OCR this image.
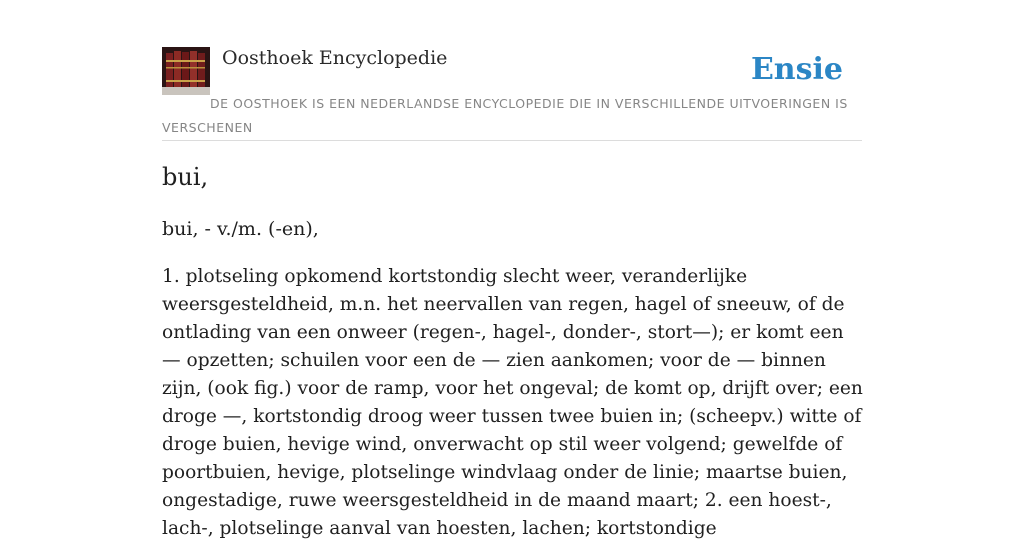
Oosthoek Encyclopedie	Ensie
DE OOSTHOEK IS EEN NEDERLANDSE ENCYCLOPEDIE DIE IN VERSCHILLENDE UITVOERINGEN IS VERSCHENEN
bui,

bui, - v./m. (-en),

1. plotseling opkomend kortstondig slecht weer, veranderlijke weersgesteldheid, m.n. het neervallen van regen, hagel of sneeuw, of de ontlading van een onweer (regen-, hagel-, donder-, stort—); er komt een — opzetten; schuilen voor een de — zien aankomen; voor de — binnen zijn, (ook fig.) voor de ramp, voor het ongeval; de komt op, drijft over; een droge —, kortstondig droog weer tussen twee buien in; (scheepv.) witte of droge buien, hevige wind, onverwacht op stil weer volgend; gewelfde of poortbuien, hevige, plotselinge windvlaag onder de linie; maartse buien, ongestadige, ruwe weersgesteldheid in de maand maart; 2. een hoest-, lach-, plotselinge aanval van hoesten, lachen; kortstondige
